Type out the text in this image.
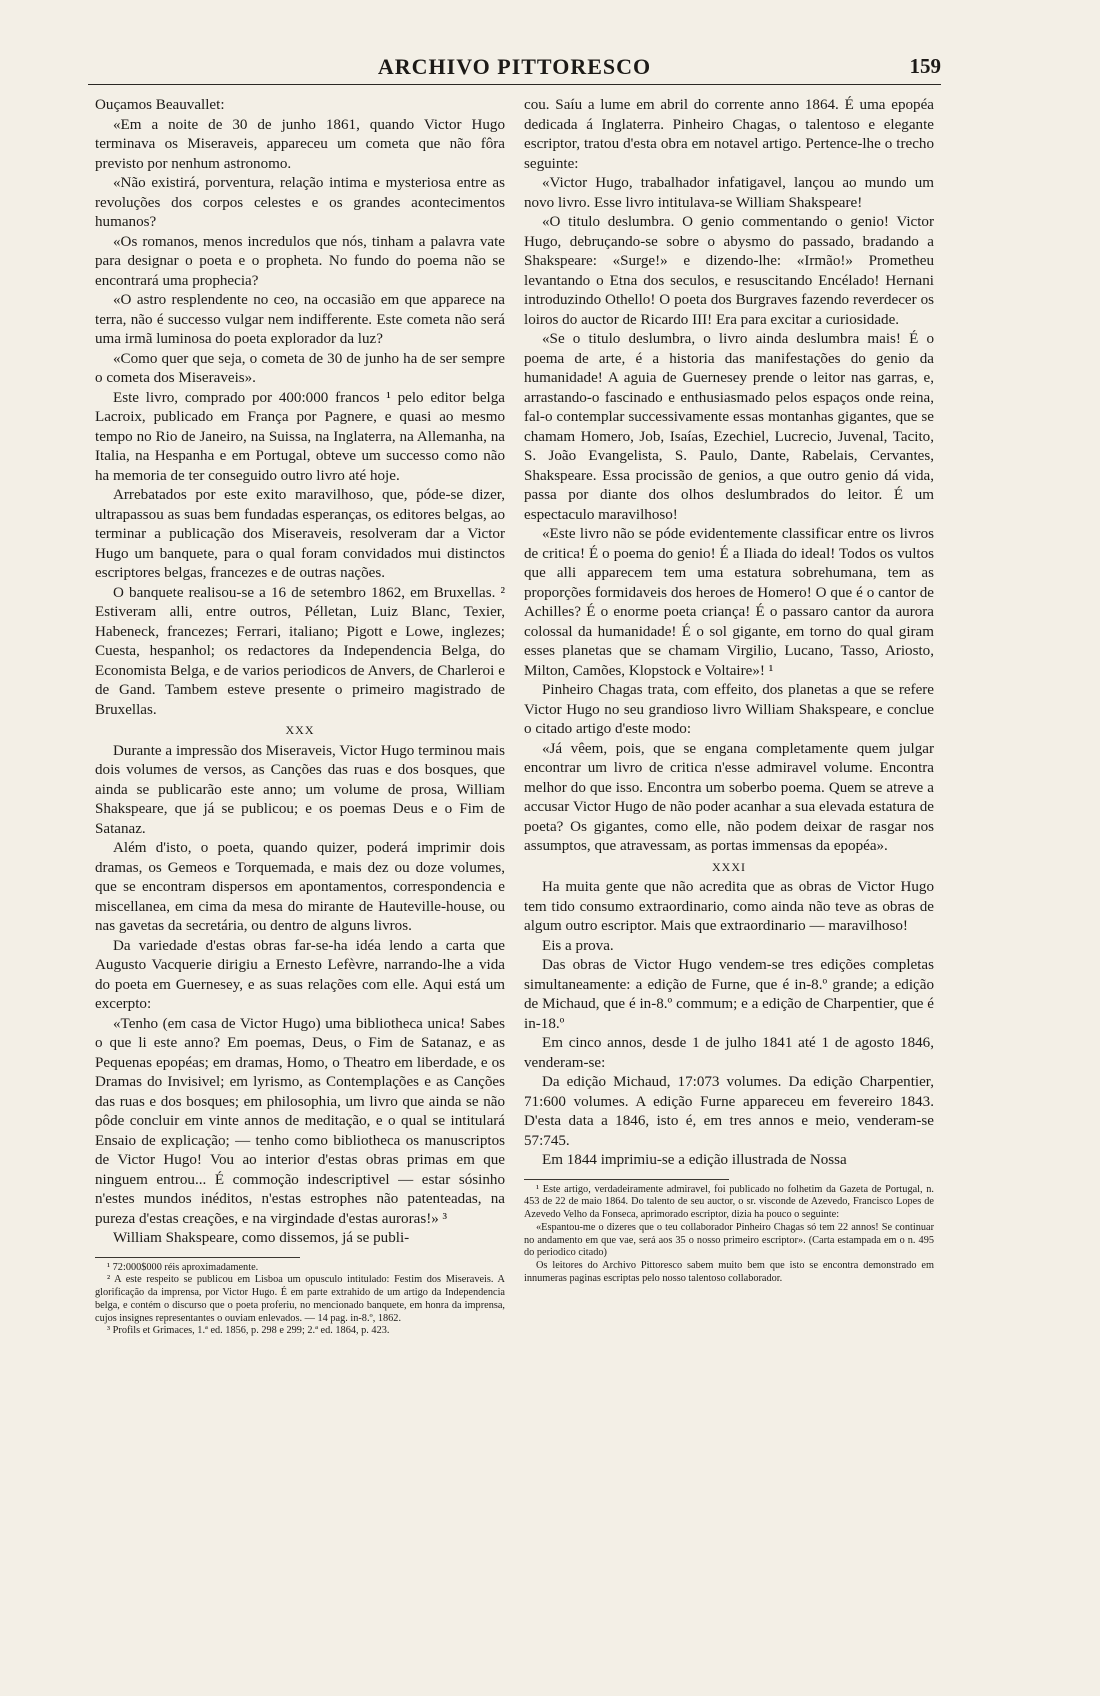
ARCHIVO PITTORESCO	159

Ouçamos Beauvallet:

«Em a noite de 30 de junho 1861, quando Victor Hugo terminava os Miseraveis, appareceu um cometa que não fôra previsto por nenhum astronomo.

«Não existirá, porventura, relação intima e mysteriosa entre as revoluções dos corpos celestes e os grandes acontecimentos humanos?

«Os romanos, menos incredulos que nós, tinham a palavra vate para designar o poeta e o propheta. No fundo do poema não se encontrará uma prophecia?

«O astro resplendente no ceo, na occasião em que apparece na terra, não é successo vulgar nem indifferente. Este cometa não será uma irmã luminosa do poeta explorador da luz?

«Como quer que seja, o cometa de 30 de junho ha de ser sempre o cometa dos Miseraveis».

Este livro, comprado por 400:000 francos ¹ pelo editor belga Lacroix, publicado em França por Pagnere, e quasi ao mesmo tempo no Rio de Janeiro, na Suissa, na Inglaterra, na Allemanha, na Italia, na Hespanha e em Portugal, obteve um successo como não ha memoria de ter conseguido outro livro até hoje.

Arrebatados por este exito maravilhoso, que, póde-se dizer, ultrapassou as suas bem fundadas esperanças, os editores belgas, ao terminar a publicação dos Miseraveis, resolveram dar a Victor Hugo um banquete, para o qual foram convidados mui distinctos escriptores belgas, francezes e de outras nações.

O banquete realisou-se a 16 de setembro 1862, em Bruxellas. ² Estiveram alli, entre outros, Pélletan, Luiz Blanc, Texier, Habeneck, francezes; Ferrari, italiano; Pigott e Lowe, inglezes; Cuesta, hespanhol; os redactores da Independencia Belga, do Economista Belga, e de varios periodicos de Anvers, de Charleroi e de Gand. Tambem esteve presente o primeiro magistrado de Bruxellas.

XXX

Durante a impressão dos Miseraveis, Victor Hugo terminou mais dois volumes de versos, as Canções das ruas e dos bosques, que ainda se publicarão este anno; um volume de prosa, William Shakspeare, que já se publicou; e os poemas Deus e o Fim de Satanaz.

Além d'isto, o poeta, quando quizer, poderá imprimir dois dramas, os Gemeos e Torquemada, e mais dez ou doze volumes, que se encontram dispersos em apontamentos, correspondencia e miscellanea, em cima da mesa do mirante de Hauteville-house, ou nas gavetas da secretária, ou dentro de alguns livros.

Da variedade d'estas obras far-se-ha idéa lendo a carta que Augusto Vacquerie dirigiu a Ernesto Lefèvre, narrando-lhe a vida do poeta em Guernesey, e as suas relações com elle. Aqui está um excerpto:

«Tenho (em casa de Victor Hugo) uma bibliotheca unica! Sabes o que li este anno? Em poemas, Deus, o Fim de Satanaz, e as Pequenas epopéas; em dramas, Homo, o Theatro em liberdade, e os Dramas do Invisivel; em lyrismo, as Contemplações e as Canções das ruas e dos bosques; em philosophia, um livro que ainda se não pôde concluir em vinte annos de meditação, e o qual se intitulará Ensaio de explicação; — tenho como bibliotheca os manuscriptos de Victor Hugo! Vou ao interior d'estas obras primas em que ninguem entrou... É commoção indescriptivel — estar sósinho n'estes mundos inéditos, n'estas estrophes não patenteadas, na pureza d'estas creações, e na virgindade d'estas auroras!» ³

William Shakspeare, como dissemos, já se publi-

¹ 72:000$000 réis aproximadamente.

² A este respeito se publicou em Lisboa um opusculo intitulado: Festim dos Miseraveis. A glorificação da imprensa, por Victor Hugo. É em parte extrahido de um artigo da Independencia belga, e contém o discurso que o poeta proferiu, no mencionado banquete, em honra da imprensa, cujos insignes representantes o ouviam enlevados. — 14 pag. in-8.º, 1862.

³ Profils et Grimaces, 1.ª ed. 1856, p. 298 e 299; 2.ª ed. 1864, p. 423.

cou. Saíu a lume em abril do corrente anno 1864. É uma epopéa dedicada á Inglaterra. Pinheiro Chagas, o talentoso e elegante escriptor, tratou d'esta obra em notavel artigo. Pertence-lhe o trecho seguinte:

«Victor Hugo, trabalhador infatigavel, lançou ao mundo um novo livro. Esse livro intitulava-se William Shakspeare!

«O titulo deslumbra. O genio commentando o genio! Victor Hugo, debruçando-se sobre o abysmo do passado, bradando a Shakspeare: «Surge!» e dizendo-lhe: «Irmão!» Prometheu levantando o Etna dos seculos, e resuscitando Encélado! Hernani introduzindo Othello! O poeta dos Burgraves fazendo reverdecer os loiros do auctor de Ricardo III! Era para excitar a curiosidade.

«Se o titulo deslumbra, o livro ainda deslumbra mais! É o poema de arte, é a historia das manifestações do genio da humanidade! A aguia de Guernesey prende o leitor nas garras, e, arrastando-o fascinado e enthusiasmado pelos espaços onde reina, fal-o contemplar successivamente essas montanhas gigantes, que se chamam Homero, Job, Isaías, Ezechiel, Lucrecio, Juvenal, Tacito, S. João Evangelista, S. Paulo, Dante, Rabelais, Cervantes, Shakspeare. Essa procissão de genios, a que outro genio dá vida, passa por diante dos olhos deslumbrados do leitor. É um espectaculo maravilhoso!

«Este livro não se póde evidentemente classificar entre os livros de critica! É o poema do genio! É a Iliada do ideal! Todos os vultos que alli apparecem tem uma estatura sobrehumana, tem as proporções formidaveis dos heroes de Homero! O que é o cantor de Achilles? É o enorme poeta criança! É o passaro cantor da aurora colossal da humanidade! É o sol gigante, em torno do qual giram esses planetas que se chamam Virgilio, Lucano, Tasso, Ariosto, Milton, Camões, Klopstock e Voltaire»! ¹

Pinheiro Chagas trata, com effeito, dos planetas a que se refere Victor Hugo no seu grandioso livro William Shakspeare, e conclue o citado artigo d'este modo:

«Já vêem, pois, que se engana completamente quem julgar encontrar um livro de critica n'esse admiravel volume. Encontra melhor do que isso. Encontra um soberbo poema. Quem se atreve a accusar Victor Hugo de não poder acanhar a sua elevada estatura de poeta? Os gigantes, como elle, não podem deixar de rasgar nos assumptos, que atravessam, as portas immensas da epopéa».

XXXI

Ha muita gente que não acredita que as obras de Victor Hugo tem tido consumo extraordinario, como ainda não teve as obras de algum outro escriptor. Mais que extraordinario — maravilhoso!

Eis a prova.

Das obras de Victor Hugo vendem-se tres edições completas simultaneamente: a edição de Furne, que é in-8.º grande; a edição de Michaud, que é in-8.º commum; e a edição de Charpentier, que é in-18.º

Em cinco annos, desde 1 de julho 1841 até 1 de agosto 1846, venderam-se:

Da edição Michaud, 17:073 volumes. Da edição Charpentier, 71:600 volumes. A edição Furne appareceu em fevereiro 1843. D'esta data a 1846, isto é, em tres annos e meio, venderam-se 57:745.

Em 1844 imprimiu-se a edição illustrada de Nossa

¹ Este artigo, verdadeiramente admiravel, foi publicado no folhetim da Gazeta de Portugal, n. 453 de 22 de maio 1864. Do talento de seu auctor, o sr. visconde de Azevedo, Francisco Lopes de Azevedo Velho da Fonseca, aprimorado escriptor, dizia ha pouco o seguinte:

«Espantou-me o dizeres que o teu collaborador Pinheiro Chagas só tem 22 annos! Se continuar no andamento em que vae, será aos 35 o nosso primeiro escriptor». (Carta estampada em o n. 495 do periodico citado)

Os leitores do Archivo Pittoresco sabem muito bem que isto se encontra demonstrado em innumeras paginas escriptas pelo nosso talentoso collaborador.
